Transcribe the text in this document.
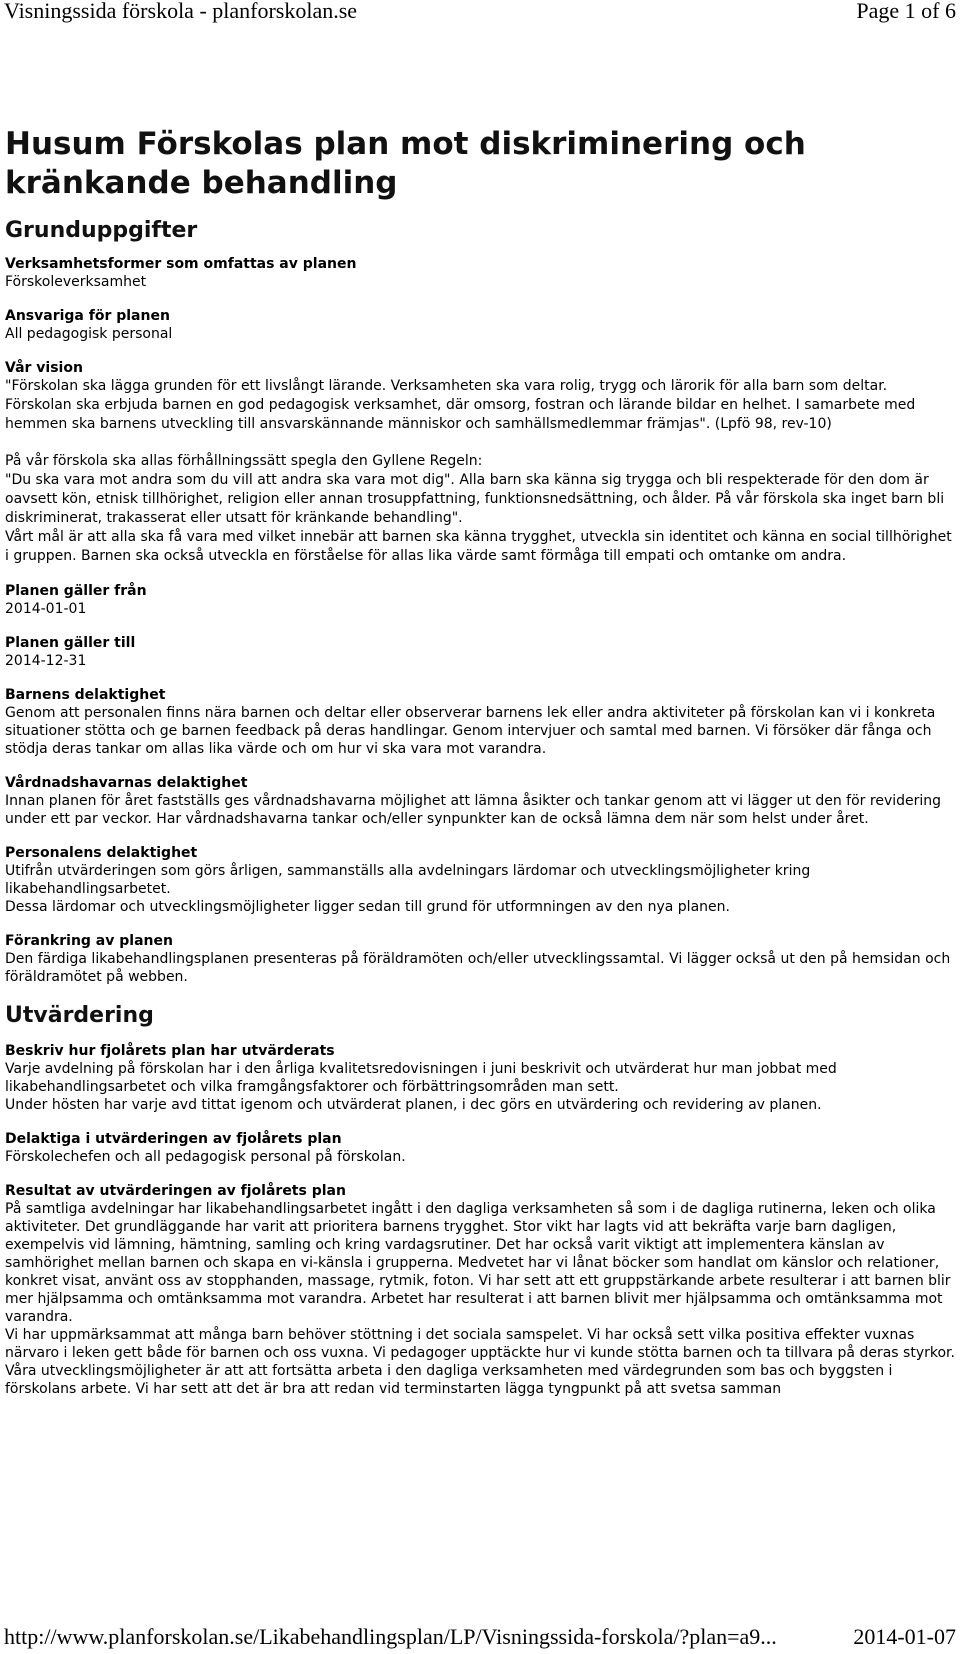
Visningssida förskola - planforskolan.se	Page 1 of 6
Husum Förskolas plan mot diskriminering och kränkande behandling
Grunduppgifter
Verksamhetsformer som omfattas av planen
Förskoleverksamhet
Ansvariga för planen
All pedagogisk personal
Vår vision

"Förskolan ska lägga grunden för ett livslångt lärande. Verksamheten ska vara rolig, trygg och lärorik för alla barn som deltar. Förskolan ska erbjuda barnen en god pedagogisk verksamhet, där omsorg, fostran och lärande bildar en helhet. I samarbete med hemmen ska barnens utveckling till ansvarskännande människor och samhällsmedlemmar främjas". (Lpfö 98, rev-10)

På vår förskola ska allas förhållningssätt spegla den Gyllene Regeln:

"Du ska vara mot andra som du vill att andra ska vara mot dig". Alla barn ska känna sig trygga och bli respekterade för den dom är oavsett kön, etnisk tillhörighet, religion eller annan trosuppfattning, funktionsnedsättning, och ålder. På vår förskola ska inget barn bli diskriminerat, trakasserat eller utsatt för kränkande behandling".

Vårt mål är att alla ska få vara med vilket innebär att barnen ska känna trygghet, utveckla sin identitet och känna en social tillhörighet i gruppen. Barnen ska också utveckla en förståelse för allas lika värde samt förmåga till empati och omtanke om andra.

Planen gäller från
2014-01-01
Planen gäller till
2014-12-31
Barnens delaktighet
Genom att personalen finns nära barnen och deltar eller observerar barnens lek eller andra aktiviteter på förskolan kan vi i konkreta situationer stötta och ge barnen feedback på deras handlingar. Genom intervjuer och samtal med barnen. Vi försöker där fånga och stödja deras tankar om allas lika värde och om hur vi ska vara mot varandra.
Vårdnadshavarnas delaktighet
Innan planen för året fastställs ges vårdnadshavarna möjlighet att lämna åsikter och tankar genom att vi lägger ut den för revidering under ett par veckor. Har vårdnadshavarna tankar och/eller synpunkter kan de också lämna dem när som helst under året.
Personalens delaktighet
Utifrån utvärderingen som görs årligen, sammanställs alla avdelningars lärdomar och utvecklingsmöjligheter kring likabehandlingsarbetet.
Dessa lärdomar och utvecklingsmöjligheter ligger sedan till grund för utformningen av den nya planen.
Förankring av planen
Den färdiga likabehandlingsplanen presenteras på föräldramöten och/eller utvecklingssamtal. Vi lägger också ut den på hemsidan och föräldramötet på webben.
Utvärdering
Beskriv hur fjolårets plan har utvärderats
Varje avdelning på förskolan har i den årliga kvalitetsredovisningen i juni beskrivit och utvärderat hur man jobbat med likabehandlingsarbetet och vilka framgångsfaktorer och förbättringsområden man sett.
Under hösten har varje avd tittat igenom och utvärderat planen, i dec görs en utvärdering och revidering av planen.
Delaktiga i utvärderingen av fjolårets plan
Förskolechefen och all pedagogisk personal på förskolan.
Resultat av utvärderingen av fjolårets plan
På samtliga avdelningar har likabehandlingsarbetet ingått i den dagliga verksamheten så som i de dagliga rutinerna, leken och olika aktiviteter. Det grundläggande har varit att prioritera barnens trygghet. Stor vikt har lagts vid att bekräfta varje barn dagligen, exempelvis vid lämning, hämtning, samling och kring vardagsrutiner. Det har också varit viktigt att implementera känslan av samhörighet mellan barnen och skapa en vi-känsla i grupperna. Medvetet har vi lånat böcker som handlat om känslor och relationer, konkret visat, använt oss av stopphanden, massage, rytmik, foton. Vi har sett att ett gruppstärkande arbete resulterar i att barnen blir mer hjälpsamma och omtänksamma mot varandra. Arbetet har resulterat i att barnen blivit mer hjälpsamma och omtänksamma mot varandra.
Vi har uppmärksammat att många barn behöver stöttning i det sociala samspelet. Vi har också sett vilka positiva effekter vuxnas närvaro i leken gett både för barnen och oss vuxna. Vi pedagoger upptäckte hur vi kunde stötta barnen och ta tillvara på deras styrkor. Våra utvecklingsmöjligheter är att att fortsätta arbeta i den dagliga verksamheten med värdegrunden som bas och byggsten i förskolans arbete. Vi har sett att det är bra att redan vid terminstarten lägga tyngpunkt på att svetsa samman
http://www.planforskolan.se/Likabehandlingsplan/LP/Visningssida-forskola/?plan=a9...	2014-01-07
